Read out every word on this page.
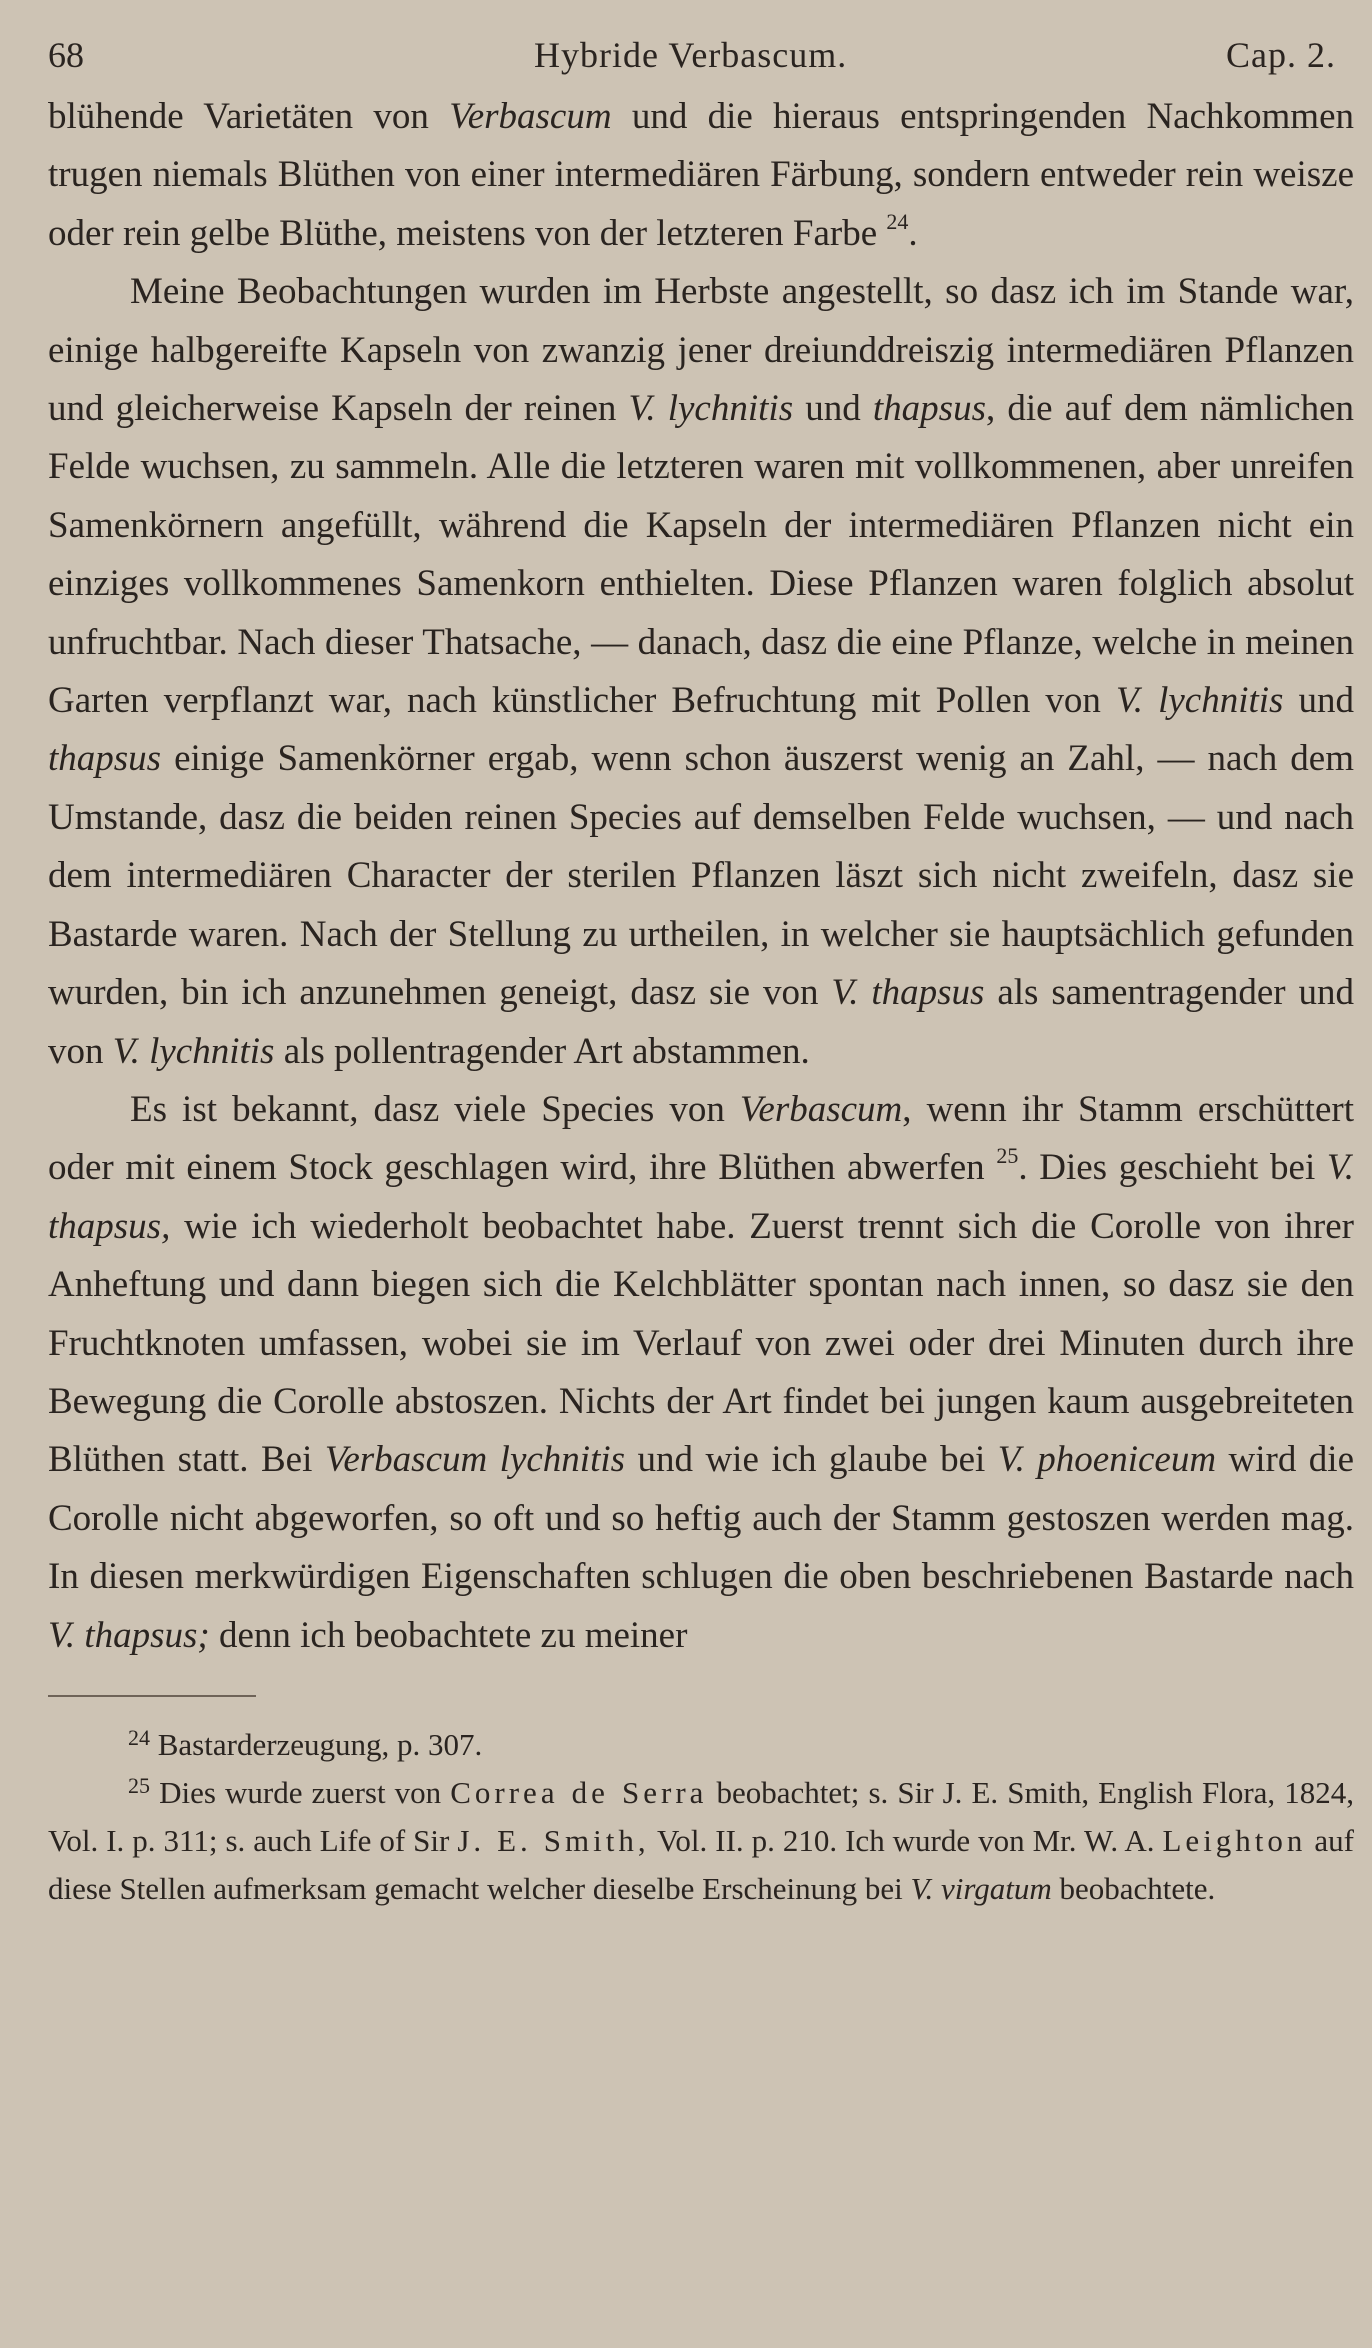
68	Hybride Verbascum.	Cap. 2.

blühende Varietäten von Verbascum und die hieraus entspringenden Nachkommen trugen niemals Blüthen von einer intermediären Färbung, sondern entweder rein weisze oder rein gelbe Blüthe, meistens von der letzteren Farbe $^{24}$.

Meine Beobachtungen wurden im Herbste angestellt, so dasz ich im Stande war, einige halbgereifte Kapseln von zwanzig jener dreiunddreiszig intermediären Pflanzen und gleicherweise Kapseln der reinen V. lychnitis und thapsus, die auf dem nämlichen Felde wuchsen, zu sammeln. Alle die letzteren waren mit vollkommenen, aber unreifen Samenkörnern angefüllt, während die Kapseln der intermediären Pflanzen nicht ein einziges vollkommenes Samenkorn enthielten. Diese Pflanzen waren folglich absolut unfruchtbar. Nach dieser Thatsache, — danach, dasz die eine Pflanze, welche in meinen Garten verpflanzt war, nach künstlicher Befruchtung mit Pollen von V. lychnitis und thapsus einige Samenkörner ergab, wenn schon äuszerst wenig an Zahl, — nach dem Umstande, dasz die beiden reinen Species auf demselben Felde wuchsen, — und nach dem intermediären Character der sterilen Pflanzen läszt sich nicht zweifeln, dasz sie Bastarde waren. Nach der Stellung zu urtheilen, in welcher sie hauptsächlich gefunden wurden, bin ich anzunehmen geneigt, dasz sie von V. thapsus als samentragender und von V. lychnitis als pollentragender Art abstammen.

Es ist bekannt, dasz viele Species von Verbascum, wenn ihr Stamm erschüttert oder mit einem Stock geschlagen wird, ihre Blüthen abwerfen $^{25}$. Dies geschieht bei V. thapsus, wie ich wiederholt beobachtet habe. Zuerst trennt sich die Corolle von ihrer Anheftung und dann biegen sich die Kelchblätter spontan nach innen, so dasz sie den Fruchtknoten umfassen, wobei sie im Verlauf von zwei oder drei Minuten durch ihre Bewegung die Corolle abstoszen. Nichts der Art findet bei jungen kaum ausgebreiteten Blüthen statt. Bei Verbascum lychnitis und wie ich glaube bei V. phoeniceum wird die Corolle nicht abgeworfen, so oft und so heftig auch der Stamm gestoszen werden mag. In diesen merkwürdigen Eigenschaften schlugen die oben beschriebenen Bastarde nach V. thapsus; denn ich beobachtete zu meiner

$^{24}$ Bastarderzeugung, p. 307.

$^{25}$ Dies wurde zuerst von Correa de Serra beobachtet; s. Sir J. E. Smith, English Flora, 1824, Vol. I. p. 311; s. auch Life of Sir J. E. Smith, Vol. II. p. 210. Ich wurde von Mr. W. A. Leighton auf diese Stellen aufmerksam gemacht welcher dieselbe Erscheinung bei V. virgatum beobachtete.
